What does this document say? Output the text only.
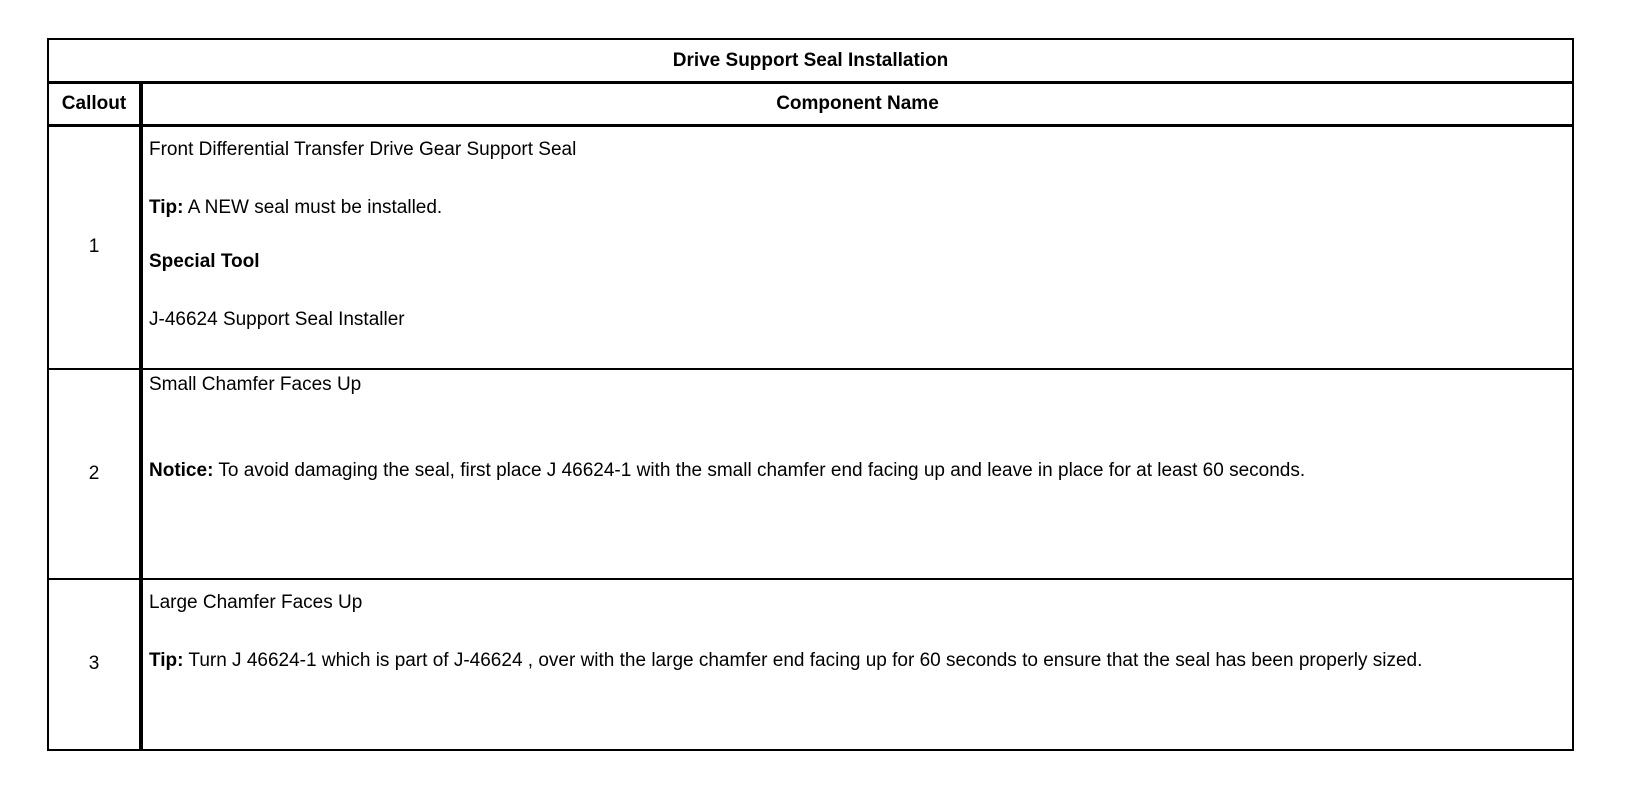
Drive Support Seal Installation	
Callout	Component Name
1	Front Differential Transfer Drive Gear Support Seal

Tip: A NEW seal must be installed.

Special Tool

J-46624 Support Seal Installer

2	Small Chamfer Faces Up

Notice: To avoid damaging the seal, first place J 46624-1 with the small chamfer end facing up and leave in place for at least 60 seconds.

3	Large Chamfer Faces Up

Tip: Turn J 46624-1 which is part of J-46624 , over with the large chamfer end facing up for 60 seconds to ensure that the seal has been properly sized.
